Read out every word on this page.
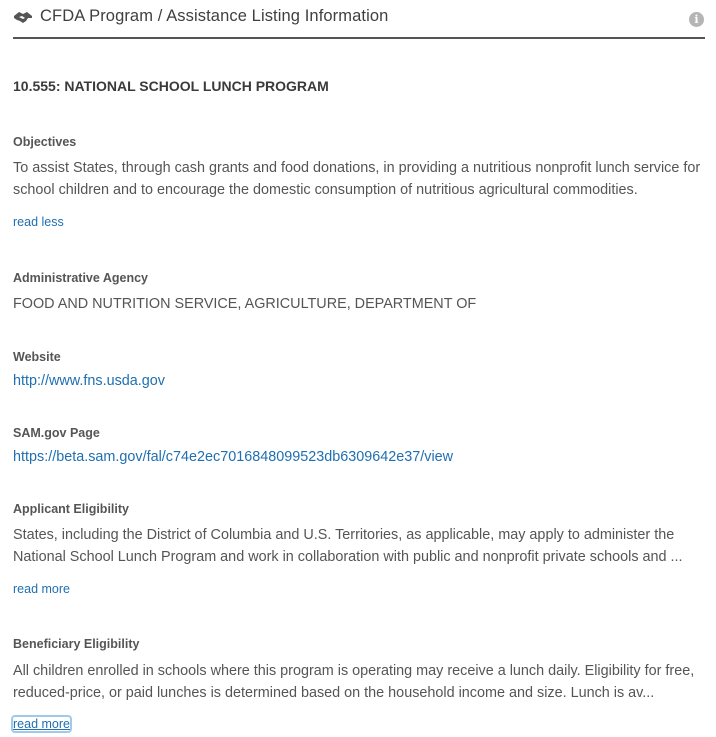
CFDA Program / Assistance Listing Information	i
10.555: NATIONAL SCHOOL LUNCH PROGRAM
Objectives
To assist States, through cash grants and food donations, in providing a nutritious nonprofit lunch service for school children and to encourage the domestic consumption of nutritious agricultural commodities.
read less
Administrative Agency
FOOD AND NUTRITION SERVICE, AGRICULTURE, DEPARTMENT OF
Website
http://www.fns.usda.gov
SAM.gov Page
https://beta.sam.gov/fal/c74e2ec7016848099523db6309642e37/view
Applicant Eligibility
States, including the District of Columbia and U.S. Territories, as applicable, may apply to administer the National School Lunch Program and work in collaboration with public and nonprofit private schools and ...
read more
Beneficiary Eligibility
All children enrolled in schools where this program is operating may receive a lunch daily. Eligibility for free, reduced-price, or paid lunches is determined based on the household income and size. Lunch is av...
read more
